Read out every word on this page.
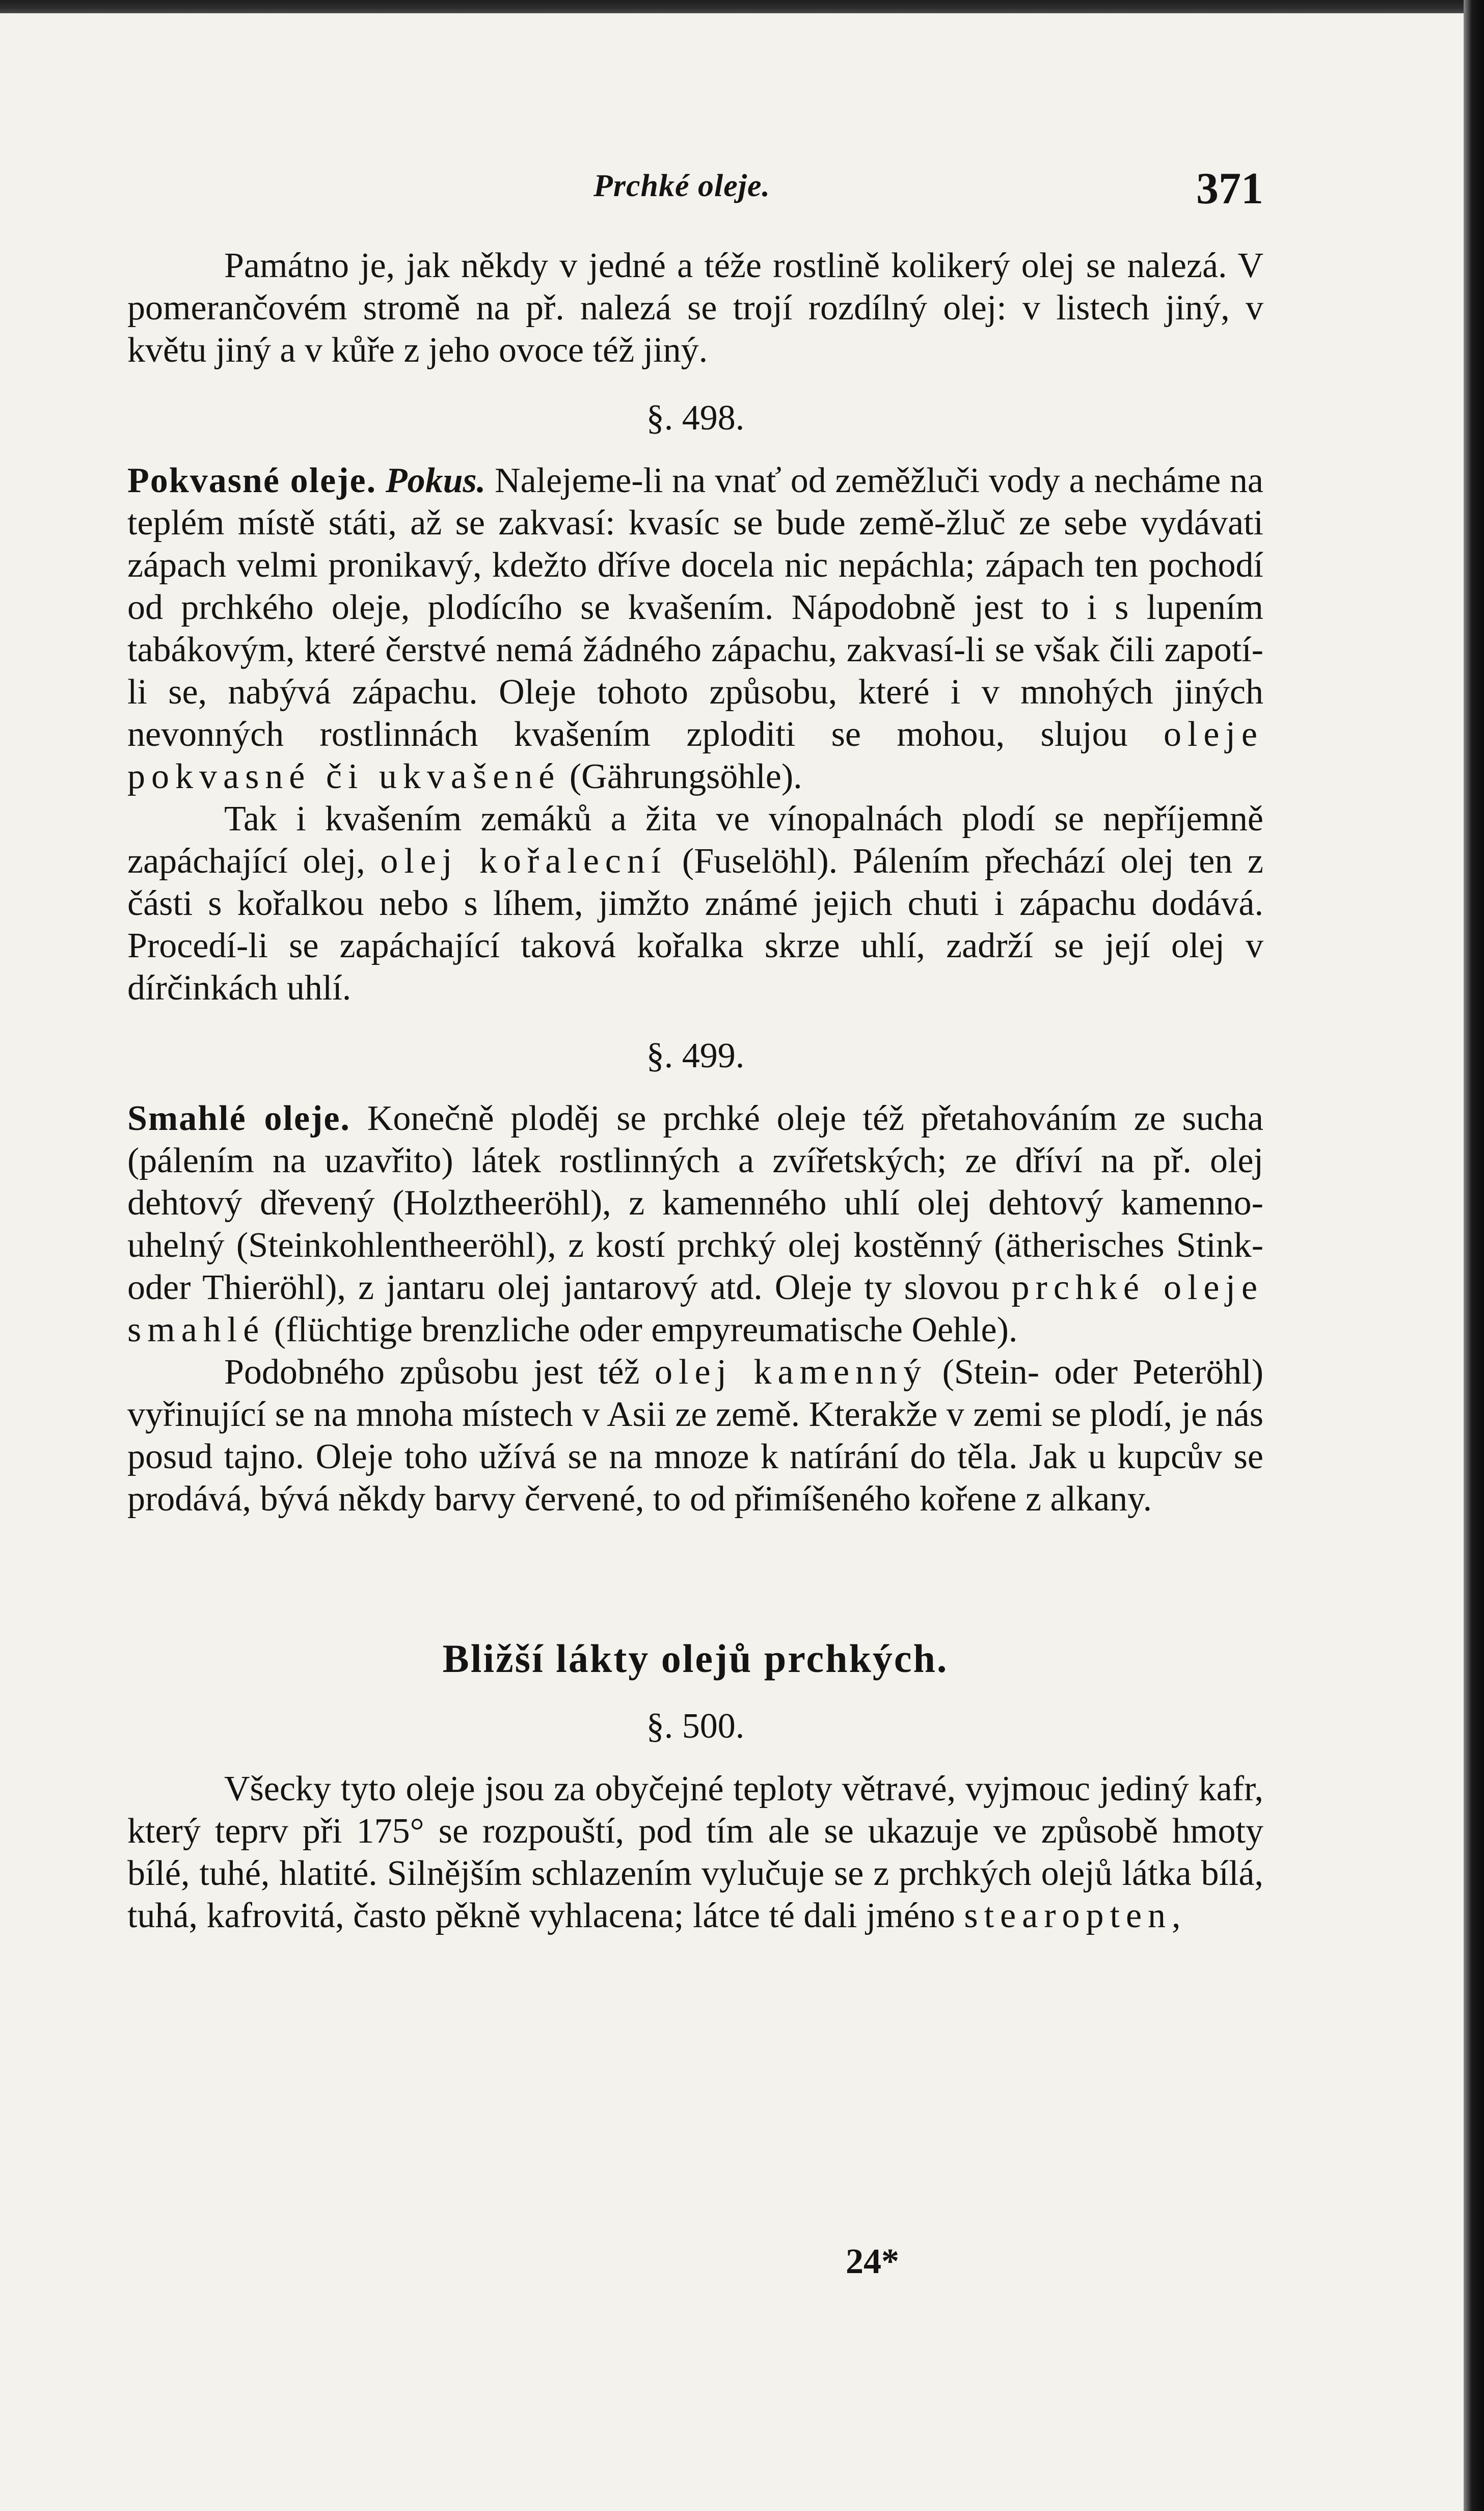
Prchké oleje.	371

Památno je, jak někdy v jedné a téže rostlině kolikerý olej se nalezá. V pomerančovém stromě na př. nalezá se trojí rozdílný olej: v listech jiný, v květu jiný a v kůře z jeho ovoce též jiný.

§. 498.

Pokvasné oleje. Pokus. Nalejeme-li na vnať od zeměžluči vody a necháme na teplém místě státi, až se zakvasí: kvasíc se bude země-žluč ze sebe vydávati zápach velmi pronikavý, kdežto dříve docela nic nepáchla; zápach ten pochodí od prchkého oleje, plodícího se kvašením. Nápodobně jest to i s lupením tabákovým, které čerstvé nemá žádného zápachu, zakvasí-li se však čili zapotí-li se, nabývá zápachu. Oleje tohoto způsobu, které i v mnohých jiných nevonných rostlinnách kvašením zploditi se mohou, slujou oleje pokvasné či ukvašené (Gährungsöhle).

Tak i kvašením zemáků a žita ve vínopalnách plodí se nepříjemně zapáchající olej, olej kořalecní (Fuselöhl). Pálením přechází olej ten z části s kořalkou nebo s líhem, jimžto známé jejich chuti i zápachu dodává. Procedí-li se zapáchající taková kořalka skrze uhlí, zadrží se její olej v dírčinkách uhlí.

§. 499.

Smahlé oleje. Konečně ploděj se prchké oleje též přetahováním ze sucha (pálením na uzavřito) látek rostlinných a zvířetských; ze dříví na př. olej dehtový dřevený (Holztheeröhl), z kamenného uhlí olej dehtový kamenno-uhelný (Steinkohlentheeröhl), z kostí prchký olej kostěnný (ätherisches Stink- oder Thieröhl), z jantaru olej jantarový atd. Oleje ty slovou prchké oleje smahlé (flüchtige brenzliche oder empyreumatische Oehle).

Podobného způsobu jest též olej kamenný (Stein- oder Peteröhl) vyřinující se na mnoha místech v Asii ze země. Kterakže v zemi se plodí, je nás posud tajno. Oleje toho užívá se na mnoze k natírání do těla. Jak u kupcův se prodává, bývá někdy barvy červené, to od přimíšeného kořene z alkany.

Bližší lákty olejů prchkých.
§. 500.

Všecky tyto oleje jsou za obyčejné teploty větravé, vyjmouc jediný kafr, který teprv při 175° se rozpouští, pod tím ale se ukazuje ve způsobě hmoty bílé, tuhé, hlatité. Silnějším schlazením vylučuje se z prchkých olejů látka bílá, tuhá, kafrovitá, často pěkně vyhlacena; látce té dali jméno stearopten,

24*
